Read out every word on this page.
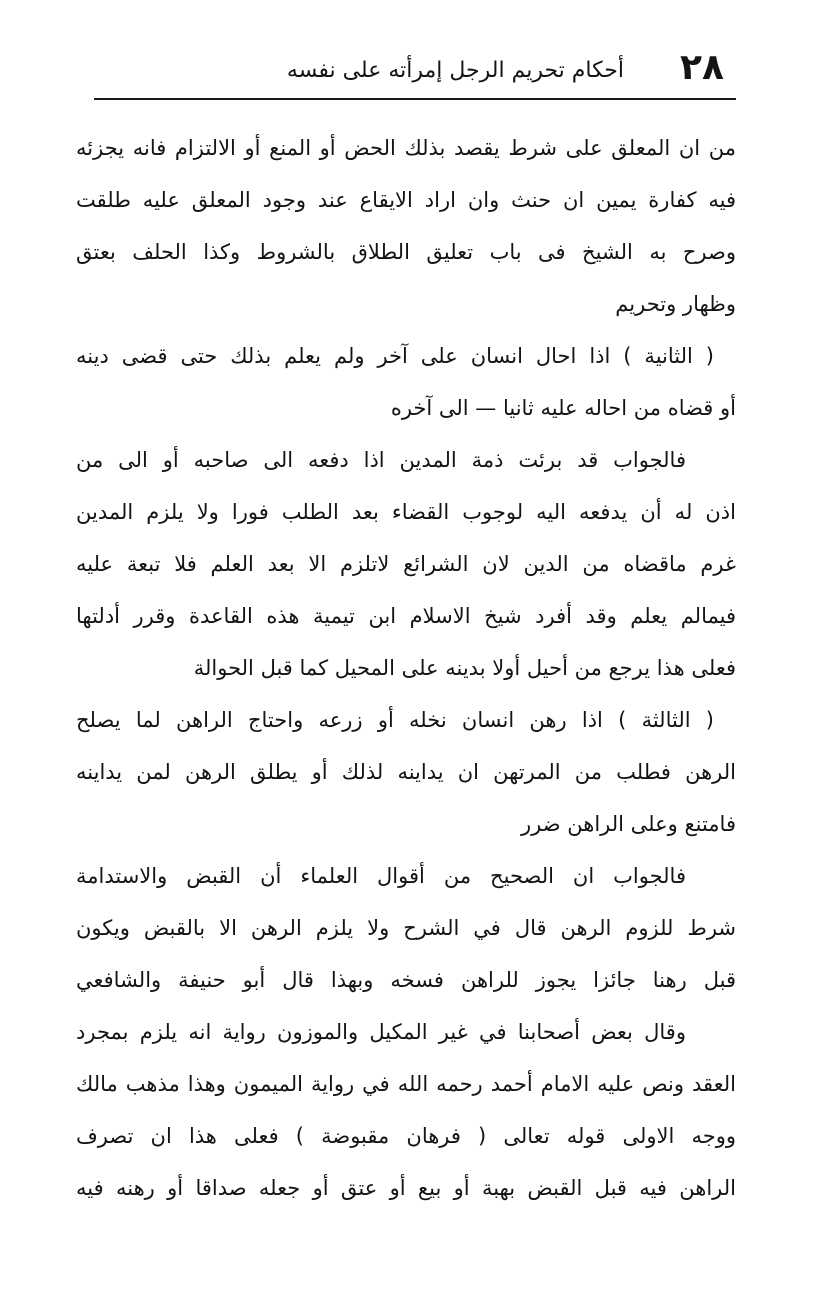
٢٨
أحكام تحريم الرجل إمرأته على نفسه
من ان المعلق على شرط يقصد بذلك الحض أو المنع أو الالتزام فانه يجزئه
فيه كفارة يمين ان حنث وان اراد الايقاع عند وجود المعلق عليه طلقت
وصرح به الشيخ فى باب تعليق الطلاق بالشروط وكذا الحلف بعتق
وظهار وتحريم
( الثانية ) اذا احال انسان على آخر ولم يعلم بذلك حتى قضى دينه
أو قضاه من احاله عليه ثانيا — الى آخره
فالجواب قد برئت ذمة المدين اذا دفعه الى صاحبه أو الى من
اذن له أن يدفعه اليه لوجوب القضاء بعد الطلب فورا ولا يلزم المدين
غرم ماقضاه من الدين لان الشرائع لاتلزم الا بعد العلم فلا تبعة عليه
فيمالم يعلم وقد أفرد شيخ الاسلام ابن تيمية هذه القاعدة وقرر أدلتها
فعلى هذا يرجع من أحيل أولا بدينه على المحيل كما قبل الحوالة
( الثالثة ) اذا رهن انسان نخله أو زرعه واحتاج الراهن لما يصلح
الرهن فطلب من المرتهن ان يداينه لذلك أو يطلق الرهن لمن يداينه
فامتنع وعلى الراهن ضرر
فالجواب ان الصحيح من أقوال العلماء أن القبض والاستدامة
شرط للزوم الرهن قال في الشرح ولا يلزم الرهن الا بالقبض ويكون
قبل رهنا جائزا يجوز للراهن فسخه وبهذا قال أبو حنيفة والشافعي
وقال بعض أصحابنا في غير المكيل والموزون رواية انه يلزم بمجرد
العقد ونص عليه الامام أحمد رحمه الله في رواية الميمون وهذا مذهب مالك
ووجه الاولى قوله تعالى ( فرهان مقبوضة ) فعلى هذا ان تصرف
الراهن فيه قبل القبض بهبة أو بيع أو عتق أو جعله صداقا أو رهنه فيه
